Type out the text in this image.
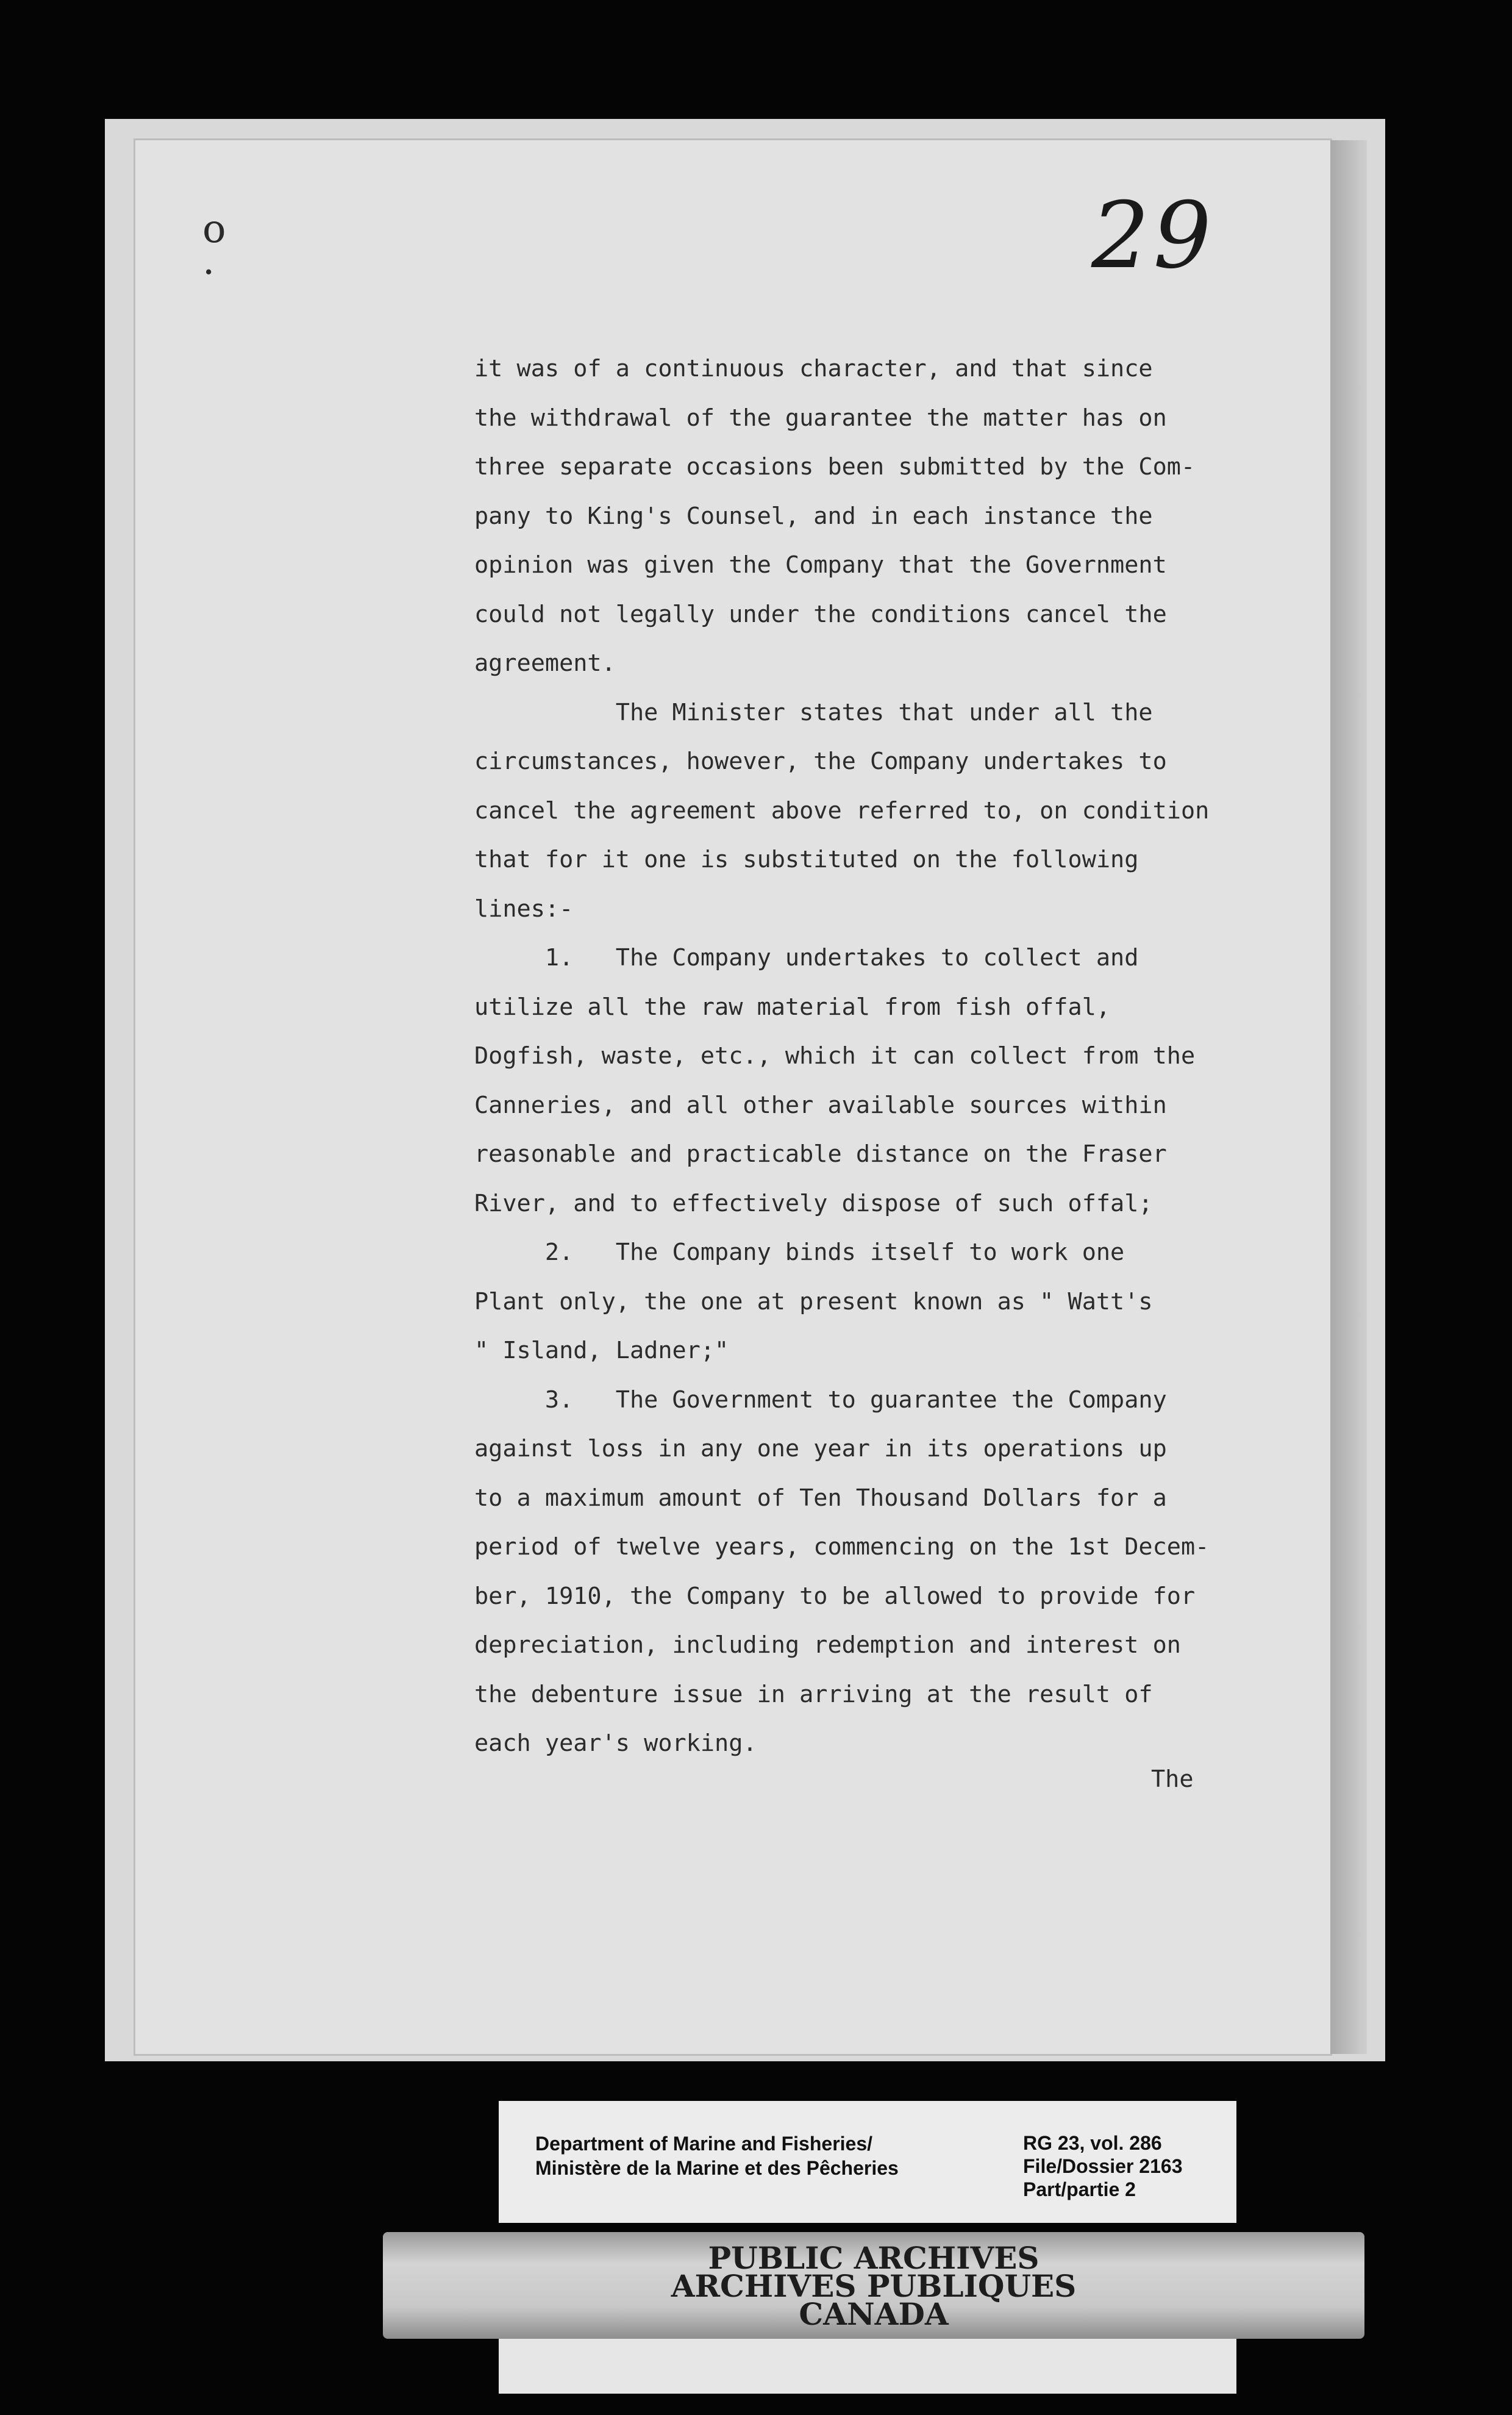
o .	29
it was of a continuous character, and that since
the withdrawal of the guarantee the matter has on
three separate occasions been submitted by the Com-
pany to King's Counsel, and in each instance the
opinion was given the Company that the Government
could not legally under the conditions cancel the
agreement.
The Minister states that under all the
circumstances, however, the Company undertakes to
cancel the agreement above referred to, on condition
that for it one is substituted on the following
lines:-
1.   The Company undertakes to collect and
utilize all the raw material from fish offal,
Dogfish, waste, etc., which it can collect from the
Canneries, and all other available sources within
reasonable and practicable distance on the Fraser
River, and to effectively dispose of such offal;
2.   The Company binds itself to work one
Plant only, the one at present known as " Watt's
" Island, Ladner;"
3.   The Government to guarantee the Company
against loss in any one year in its operations up
to a maximum amount of Ten Thousand Dollars for a
period of twelve years, commencing on the 1st Decem-
ber, 1910, the Company to be allowed to provide for
depreciation, including redemption and interest on
the debenture issue in arriving at the result of
each year's working.
The
Department of Marine and Fisheries/
Ministère de la Marine et des Pêcheries
RG 23, vol. 286
File/Dossier 2163
Part/partie 2
PUBLIC ARCHIVES
ARCHIVES PUBLIQUES
CANADA
